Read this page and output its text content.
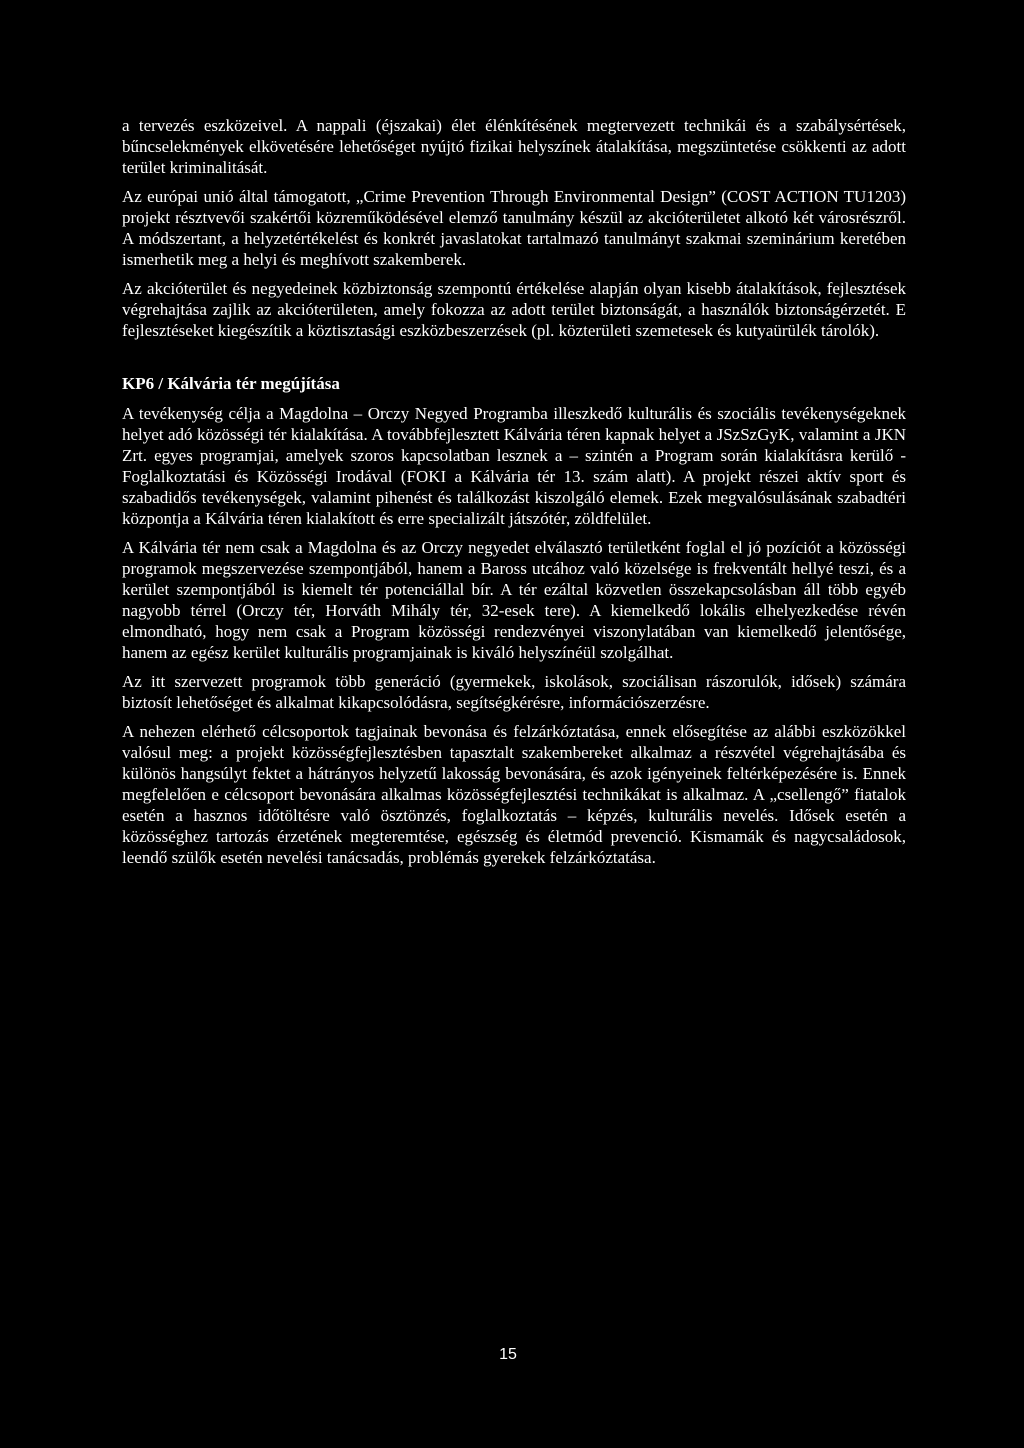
a tervezés eszközeivel. A nappali (éjszakai) élet élénkítésének megtervezett technikái és a szabálysértések, bűncselekmények elkövetésére lehetőséget nyújtó fizikai helyszínek átalakítása, megszüntetése csökkenti az adott terület kriminalitását.

Az európai unió által támogatott, „Crime Prevention Through Environmental Design” (COST ACTION TU1203) projekt résztvevői szakértői közreműködésével elemző tanulmány készül az akcióterületet alkotó két városrészről. A módszertant, a helyzetértékelést és konkrét javaslatokat tartalmazó tanulmányt szakmai szeminárium keretében ismerhetik meg a helyi és meghívott szakemberek.

Az akcióterület és negyedeinek közbiztonság szempontú értékelése alapján olyan kisebb átalakítások, fejlesztések végrehajtása zajlik az akcióterületen, amely fokozza az adott terület biztonságát, a használók biztonságérzetét. E fejlesztéseket kiegészítik a köztisztasági eszközbeszerzések (pl. közterületi szemetesek és kutyaürülék tárolók).

KP6 / Kálvária tér megújítása

A tevékenység célja a Magdolna – Orczy Negyed Programba illeszkedő kulturális és szociális tevékenységeknek helyet adó közösségi tér kialakítása. A továbbfejlesztett Kálvária téren kapnak helyet a JSzSzGyK, valamint a JKN Zrt. egyes programjai, amelyek szoros kapcsolatban lesznek a – szintén a Program során kialakításra kerülő - Foglalkoztatási és Közösségi Irodával (FOKI a Kálvária tér 13. szám alatt). A projekt részei aktív sport és szabadidős tevékenységek, valamint pihenést és találkozást kiszolgáló elemek. Ezek megvalósulásának szabadtéri központja a Kálvária téren kialakított és erre specializált játszótér, zöldfelület.

A Kálvária tér nem csak a Magdolna és az Orczy negyedet elválasztó területként foglal el jó pozíciót a közösségi programok megszervezése szempontjából, hanem a Baross utcához való közelsége is frekventált hellyé teszi, és a kerület szempontjából is kiemelt tér potenciállal bír. A tér ezáltal közvetlen összekapcsolásban áll több egyéb nagyobb térrel (Orczy tér, Horváth Mihály tér, 32-esek tere). A kiemelkedő lokális elhelyezkedése révén elmondható, hogy nem csak a Program közösségi rendezvényei viszonylatában van kiemelkedő jelentősége, hanem az egész kerület kulturális programjainak is kiváló helyszínéül szolgálhat.

Az itt szervezett programok több generáció (gyermekek, iskolások, szociálisan rászorulók, idősek) számára biztosít lehetőséget és alkalmat kikapcsolódásra, segítségkérésre, információszerzésre.

A nehezen elérhető célcsoportok tagjainak bevonása és felzárkóztatása, ennek elősegítése az alábbi eszközökkel valósul meg: a projekt közösségfejlesztésben tapasztalt szakembereket alkalmaz a részvétel végrehajtásába és különös hangsúlyt fektet a hátrányos helyzetű lakosság bevonására, és azok igényeinek feltérképezésére is. Ennek megfelelően e célcsoport bevonására alkalmas közösségfejlesztési technikákat is alkalmaz. A „csellengő” fiatalok esetén a hasznos időtöltésre való ösztönzés, foglalkoztatás – képzés, kulturális nevelés. Idősek esetén a közösséghez tartozás érzetének megteremtése, egészség és életmód prevenció. Kismamák és nagycsaládosok, leendő szülők esetén nevelési tanácsadás, problémás gyerekek felzárkóztatása.

15
